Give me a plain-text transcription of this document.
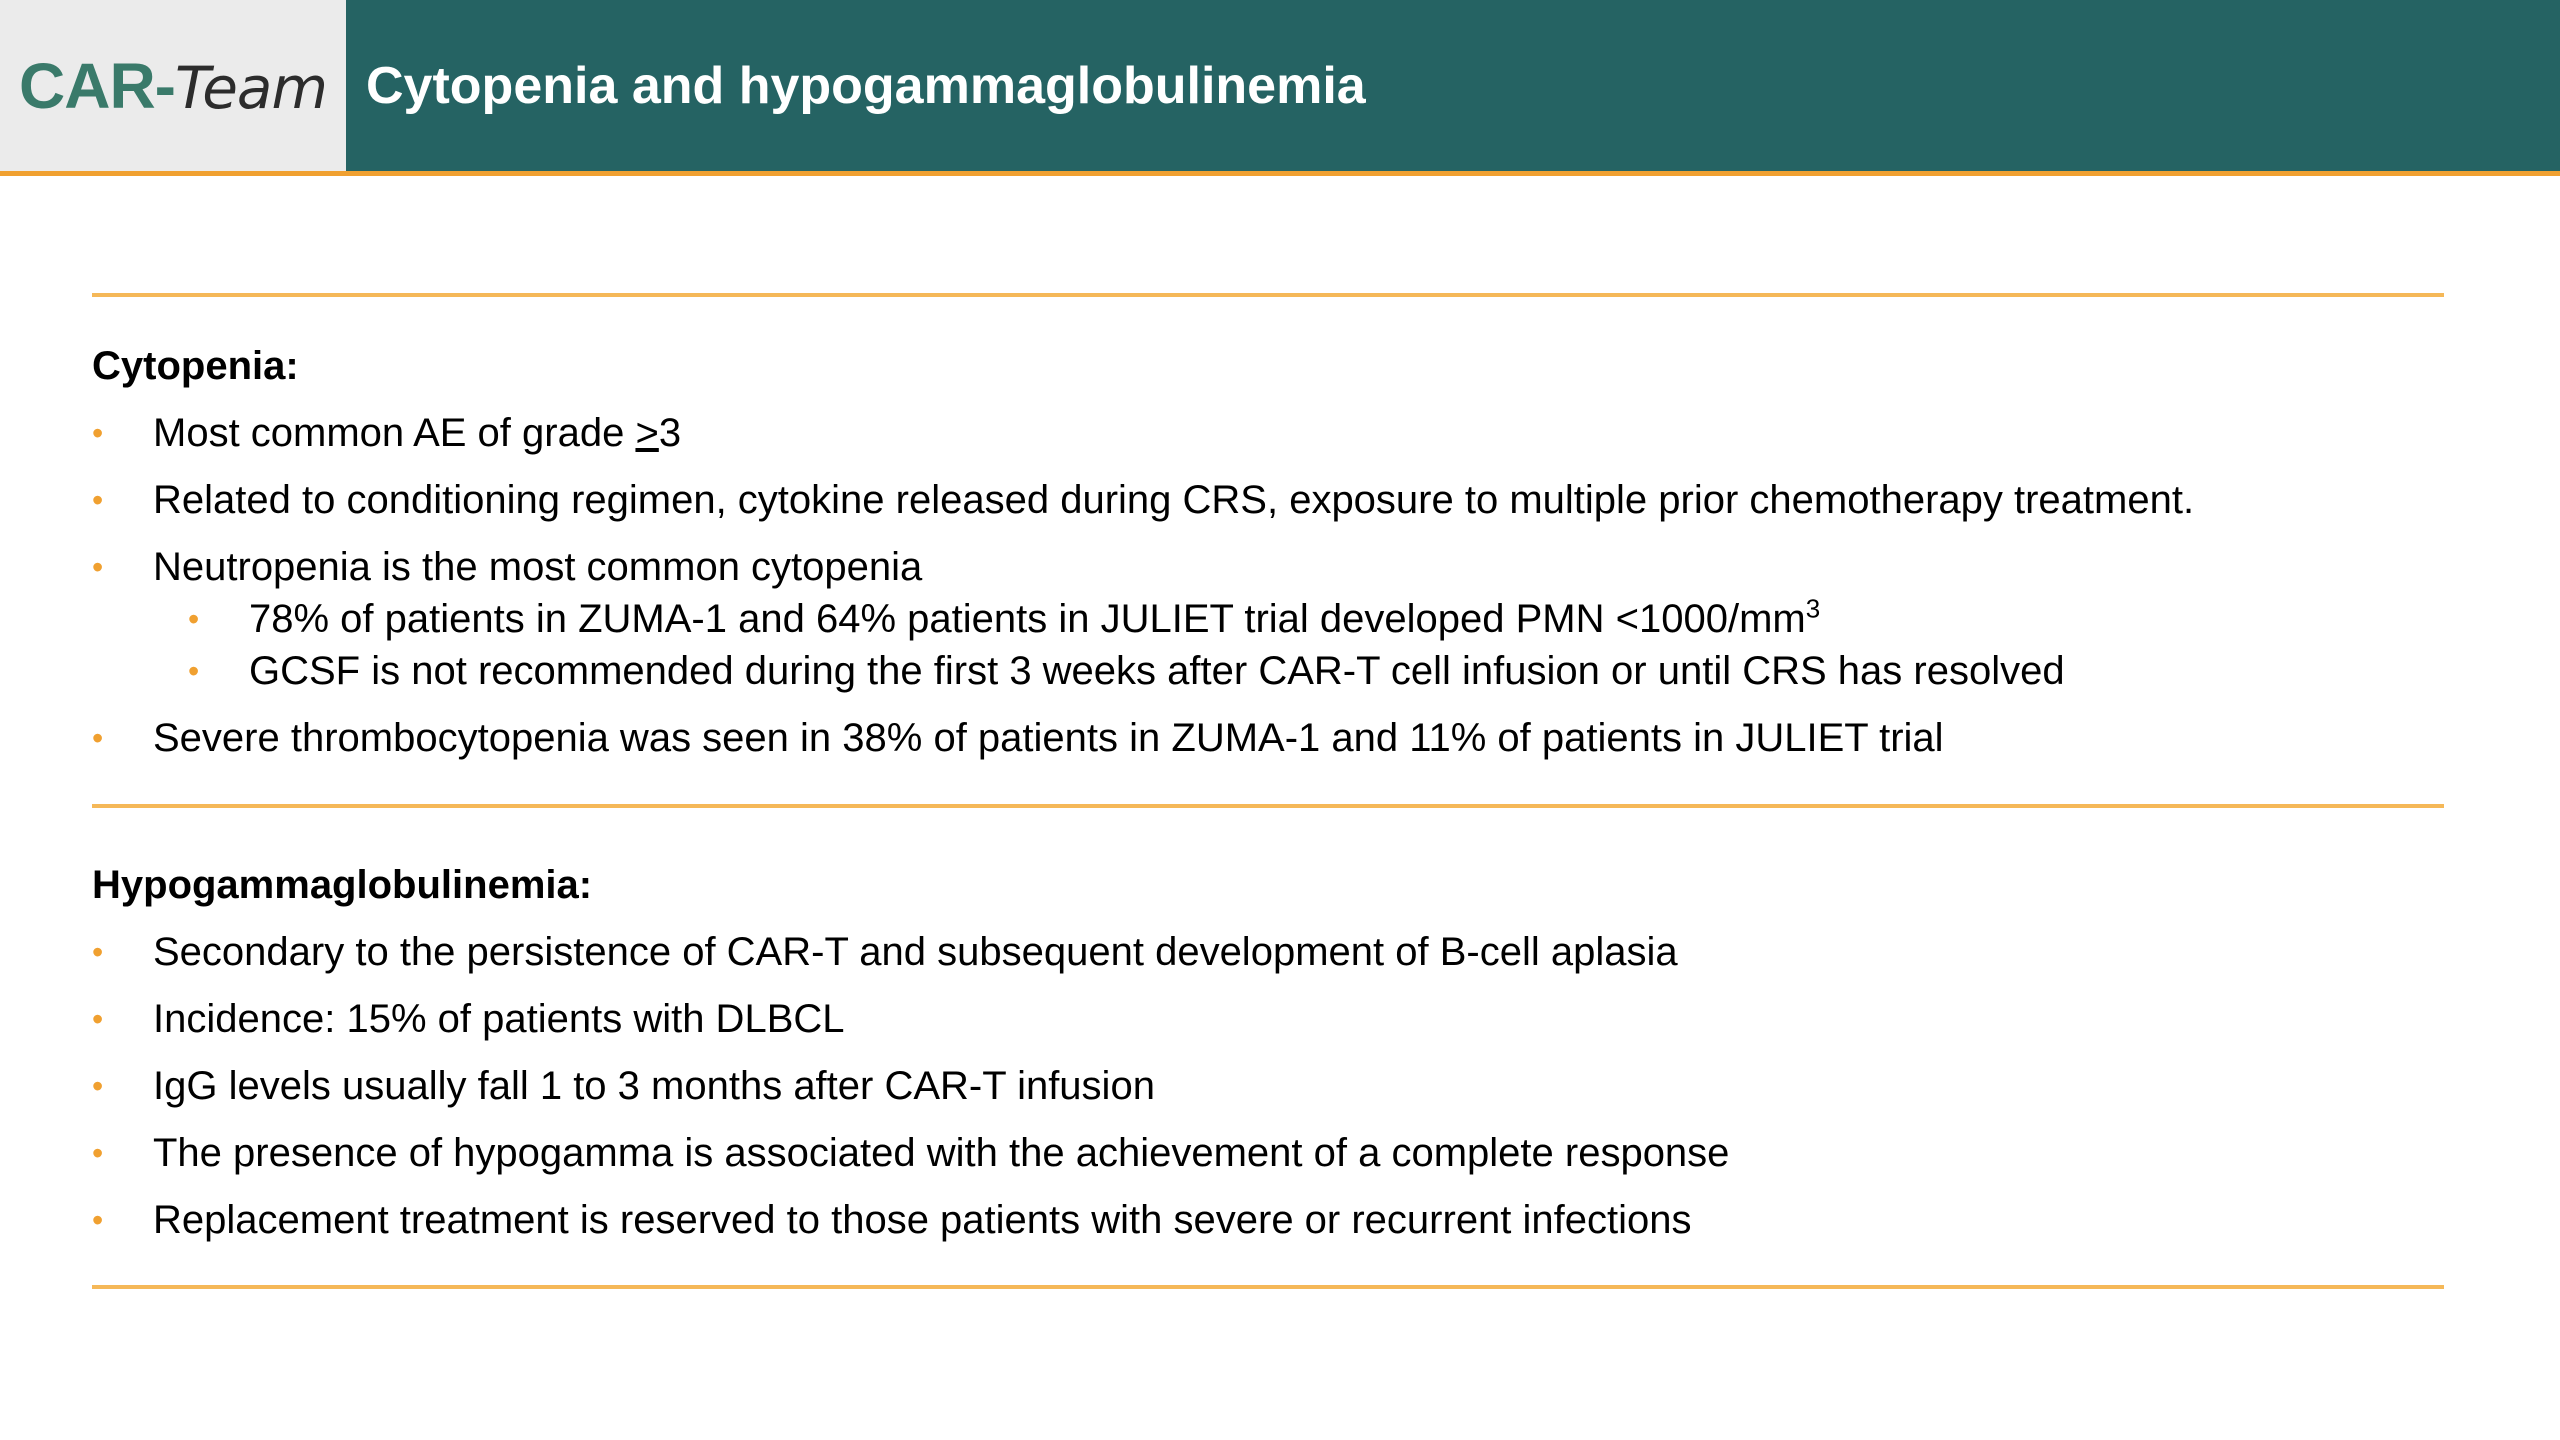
CAR- Team Cytopenia and hypogammaglobulinemia
Cytopenia:
• Most common AE of grade ≥3
• Related to conditioning regimen, cytokine released during CRS, exposure to multiple prior chemotherapy treatment.
• Neutropenia is the most common cytopenia
• 78% of patients in ZUMA-1 and 64% patients in JULIET trial developed PMN $<1000/mm^3$
• GCSF is not recommended during the first 3 weeks after CAR-T cell infusion or until CRS has resolved
• Severe thrombocytopenia was seen in 38% of patients in ZUMA-1 and 11% of patients in JULIET trial
Hypogammaglobulinemia:
• Secondary to the persistence of CAR-T and subsequent development of B-cell aplasia
• Incidence: 15% of patients with DLBCL
• IgG levels usually fall 1 to 3 months after CAR-T infusion
• The presence of hypogamma is associated with the achievement of a complete response
• Replacement treatment is reserved to those patients with severe or recurrent infections
